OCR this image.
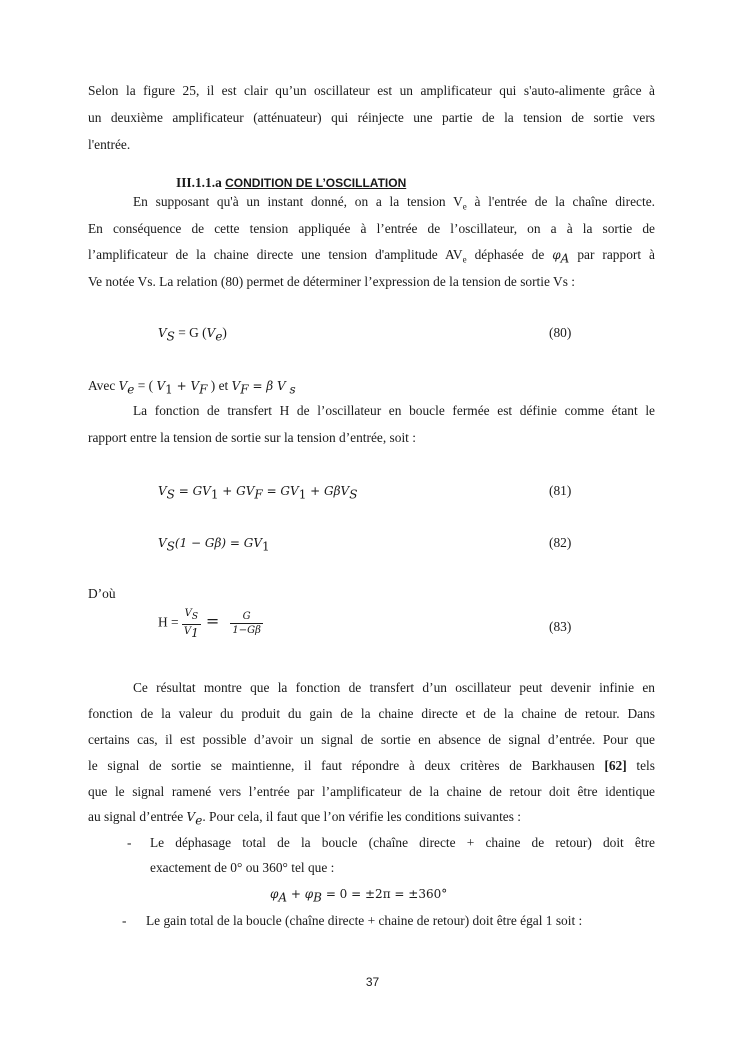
Selon la figure 25, il est clair qu’un oscillateur est un amplificateur qui s'auto-alimente grâce à
un deuxième amplificateur (atténuateur) qui réinjecte une partie de la tension de sortie vers
l'entrée.
III.1.1.a CONDITION DE L’OSCILLATION
En supposant qu'à un instant donné, on a la tension $V_e$ à l'entrée de la chaîne directe.
En conséquence de cette tension appliquée à l’entrée de l’oscillateur, on a à la sortie de
l’amplificateur de la chaine directe une tension d'amplitude $AV_e$ déphasée de $\varphi_A$ par rapport à
Ve notée Vs. La relation (80) permet de déterminer l’expression de la tension de sortie Vs :
$V_S = G$ $(V_e)$	(80)
Avec $V_e$ = ( $V_1 + V_F$ ) et $V_F = \beta$ V $_s$
La fonction de transfert H de l’oscillateur en boucle fermée est définie comme étant le
rapport entre la tension de sortie sur la tension d’entrée, soit :
$V_S = GV_1 + GV_F = GV_1 + G\beta V_S$	(81)
$V_S(1 - G\beta) = GV_1$	(82)
D’où
$H = \frac{V_S}{V_1} = \frac{G}{1-G\beta}$	(83)
Ce résultat montre que la fonction de transfert d’un oscillateur peut devenir infinie en
fonction de la valeur du produit du gain de la chaine directe et de la chaine de retour. Dans
certains cas, il est possible d’avoir un signal de sortie en absence de signal d’entrée. Pour que
le signal de sortie se maintienne, il faut répondre à deux critères de Barkhausen [62] tels
que le signal ramené vers l’entrée par l’amplificateur de la chaine de retour doit être identique
au signal d’entrée $V_e$. Pour cela, il faut que l’on vérifie les conditions suivantes :
-	Le déphasage total de la boucle (chaîne directe + chaine de retour) doit être
exactement de 0° ou 360° tel que :
$\varphi_A + \varphi_B = 0 = \pm 2\pi = \pm 360^\circ$
-	Le gain total de la boucle (chaîne directe + chaine de retour) doit être égal 1 soit :
37
